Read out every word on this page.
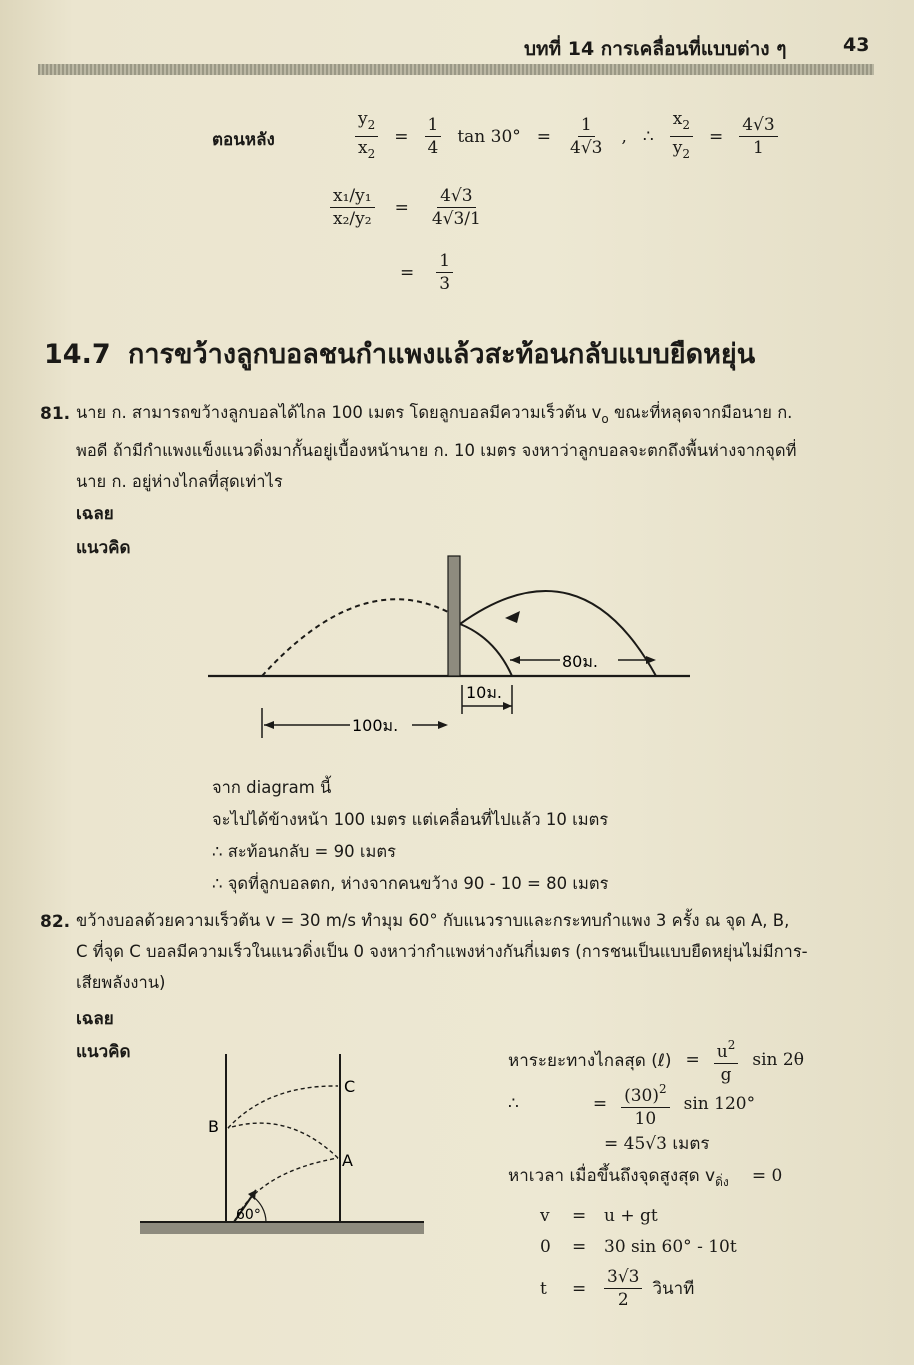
บทที่ 14 การเคลื่อนที่แบบต่าง ๆ	43
ตอนหลัง	$\frac{y_2}{x_2} = \frac{1}{4}$ $\tan 30^\circ = \frac{1}{4√3}$ , ∴ $\frac{x_2}{y_2} = \frac{4√3}{1}$
$\frac{\text{x₁/y₁}}{\text{x₂/y₂}} = \frac{4√3}{4√3/1}$
= $\frac{1}{3}$
14.7 การขว้างลูกบอลชนกำแพงแล้วสะท้อนกลับแบบยืดหยุ่น
81. นาย ก. สามารถขว้างลูกบอลได้ไกล 100 เมตร โดยลูกบอลมีความเร็วต้น $v_o$ ขณะที่หลุดจากมือนาย ก.
พอดี ถ้ามีกำแพงแข็งแนวดิ่งมากั้นอยู่เบื้องหน้านาย ก. 10 เมตร จงหาว่าลูกบอลจะตกถึงพื้นห่างจากจุดที่
นาย ก. อยู่ห่างไกลที่สุดเท่าไร
เฉลย
แนวคิด
80ม.
10ม.
100ม.
จาก diagram นี้
จะไปได้ข้างหน้า 100 เมตร แต่เคลื่อนที่ไปแล้ว 10 เมตร
∴ สะท้อนกลับ = 90 เมตร
∴ จุดที่ลูกบอลตก, ห่างจากคนขว้าง 90 - 10 = 80 เมตร
82. ขว้างบอลด้วยความเร็วต้น v = 30 m/s ทำมุม 60° กับแนวราบและกระทบกำแพง 3 ครั้ง ณ จุด A, B,
C ที่จุด C บอลมีความเร็วในแนวดิ่งเป็น 0 จงหาว่ากำแพงห่างกันกี่เมตร (การชนเป็นแบบยืดหยุ่นไม่มีการ-
เสียพลังงาน)
เฉลย
แนวคิด
60°
C
B
A
หาระยะทางไกลสุด (ℓ) = $\frac{u^2}{g}$ sin 2θ
∴	= $\frac{(30)^2}{10}$ sin 120°
= 45√3 เมตร
หาเวลา เมื่อขึ้นถึงจุดสูงสุด $v_{ดิ่ง} = 0$
v	=	u + gt
0	=	30 sin 60° - 10t
t	=	$\frac{3√3}{2}$ วินาที
